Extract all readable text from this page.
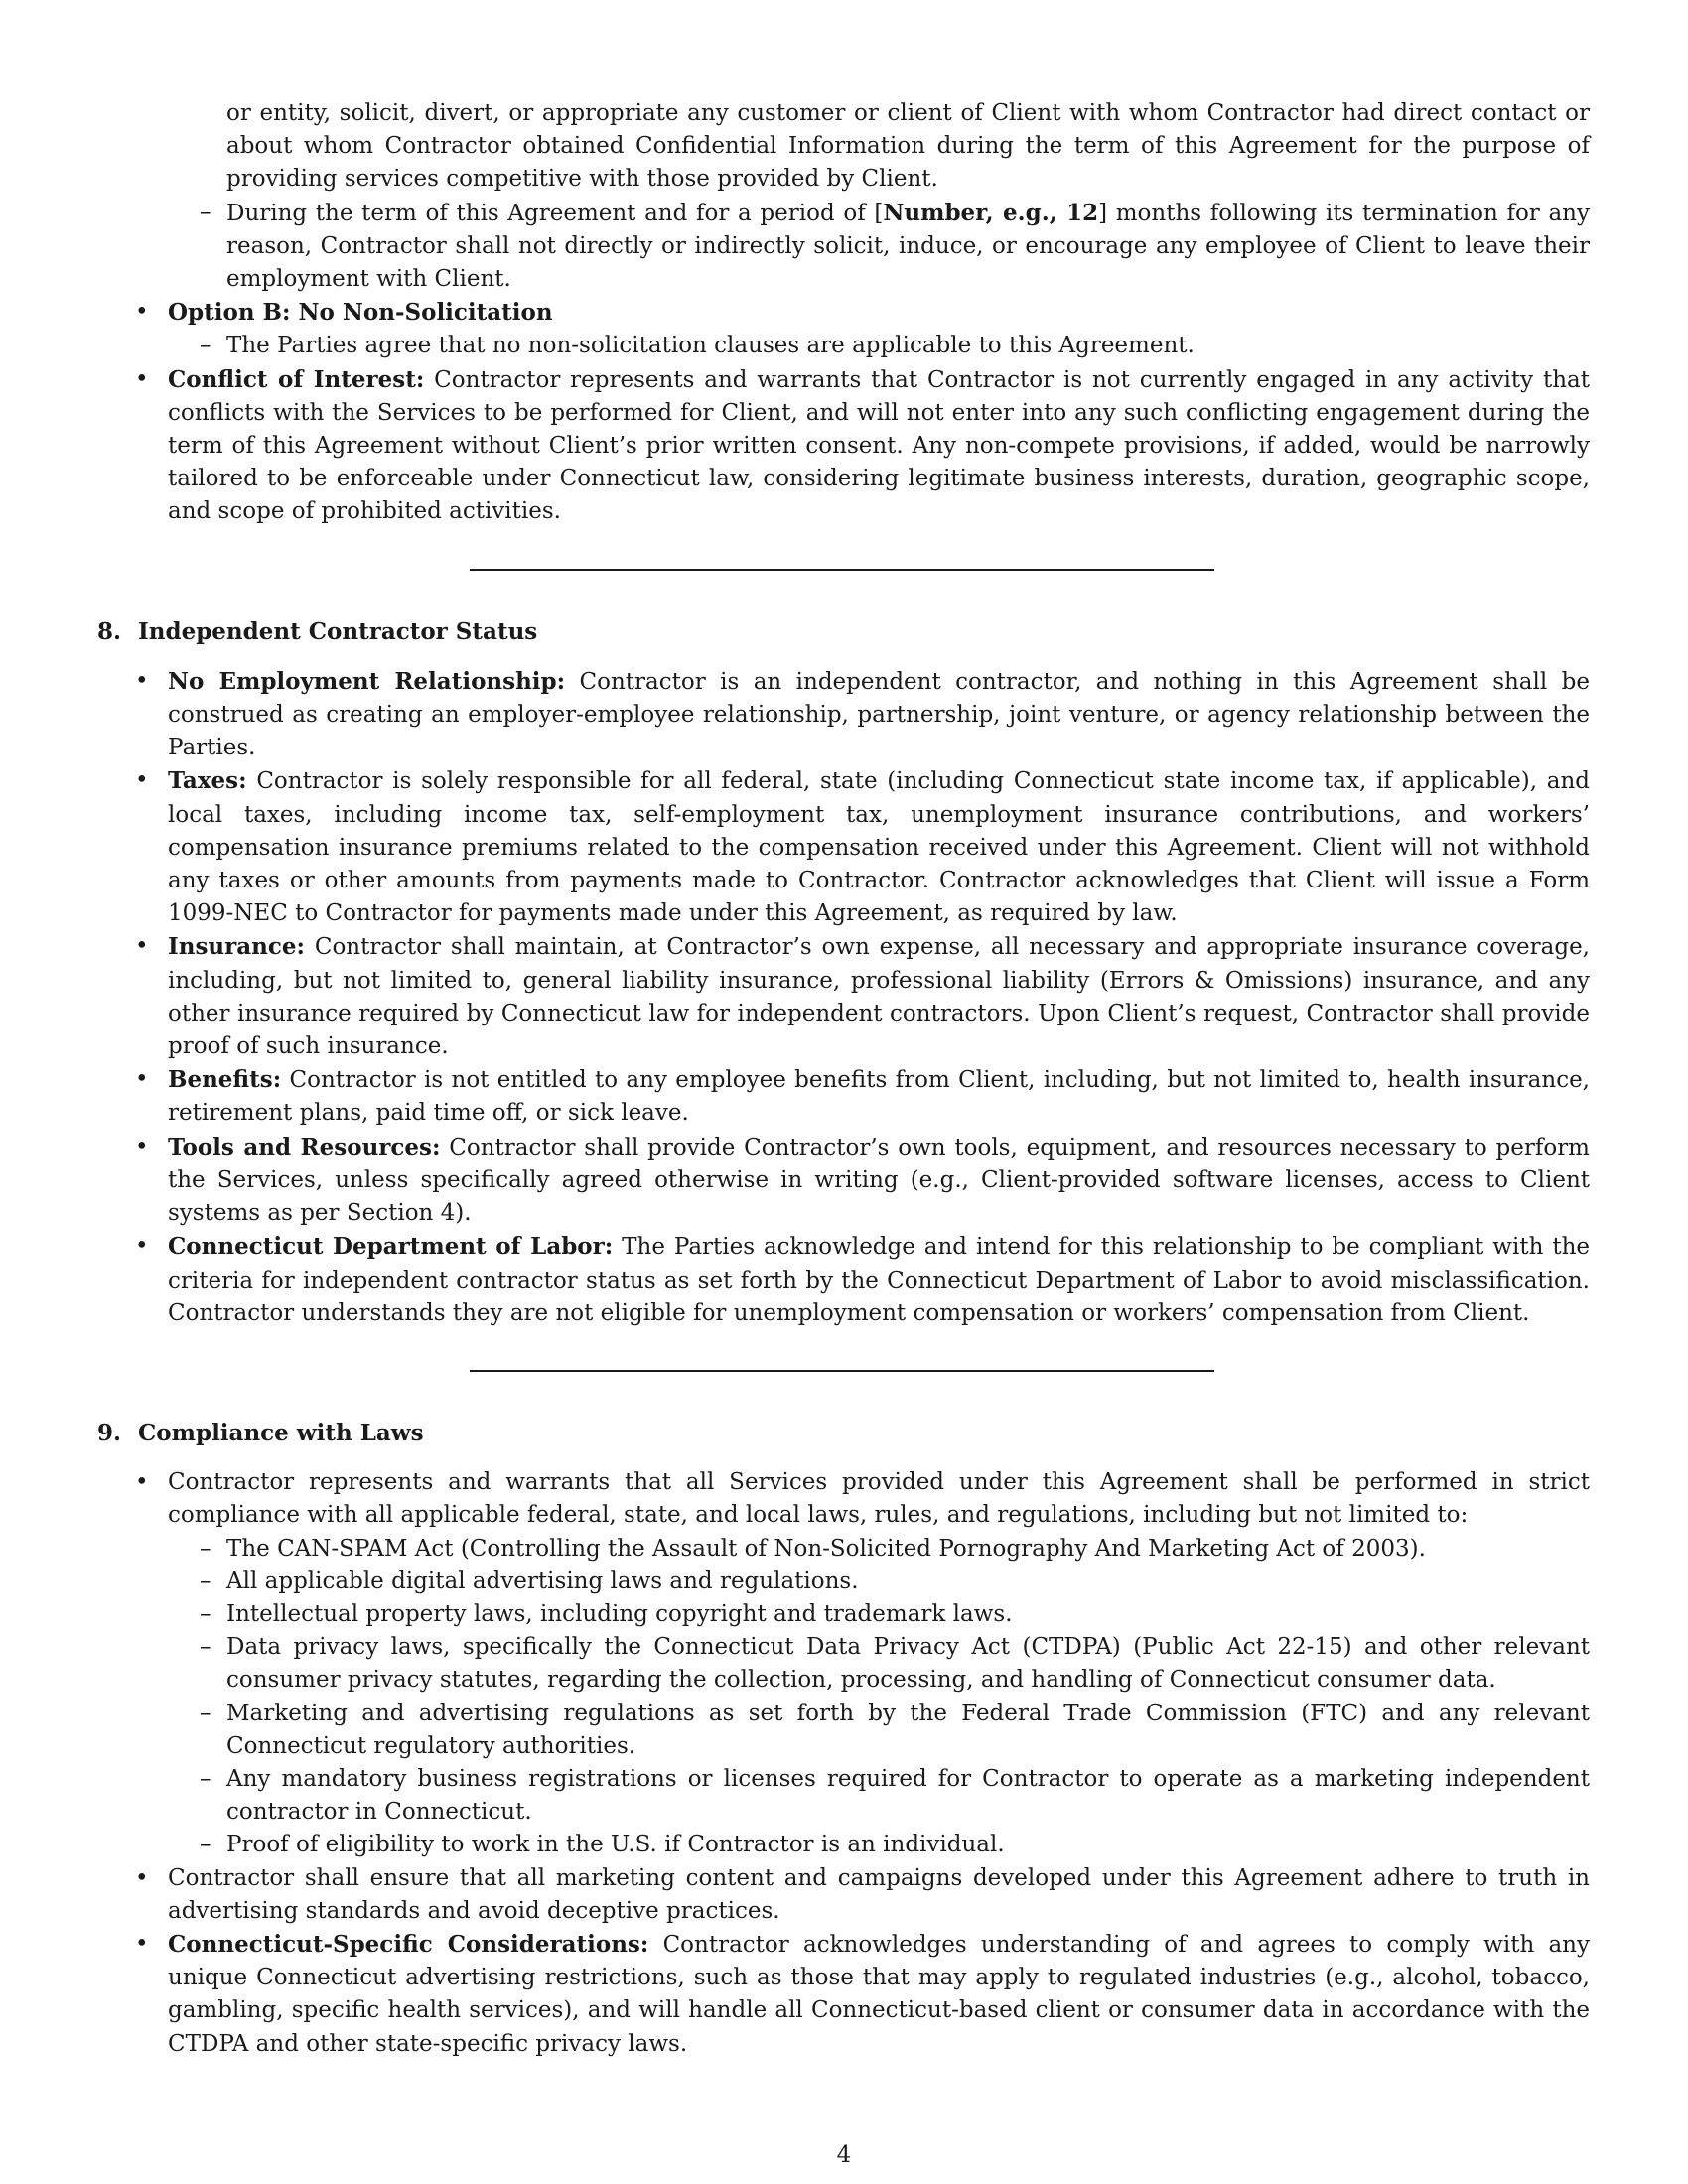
or entity, solicit, divert, or appropriate any customer or client of Client with whom Contractor had direct contact or about whom Contractor obtained Confidential Information during the term of this Agreement for the purpose of providing services competitive with those provided by Client.
– During the term of this Agreement and for a period of [Number, e.g., 12] months following its termination for any reason, Contractor shall not directly or indirectly solicit, induce, or encourage any employee of Client to leave their employment with Client.
• Option B: No Non-Solicitation
– The Parties agree that no non-solicitation clauses are applicable to this Agreement.
• Conflict of Interest: Contractor represents and warrants that Contractor is not currently engaged in any activity that conflicts with the Services to be performed for Client, and will not enter into any such conflicting engagement during the term of this Agreement without Client’s prior written consent. Any non-compete provisions, if added, would be narrowly tailored to be enforceable under Connecticut law, considering legitimate business interests, duration, geographic scope, and scope of prohibited activities.
8. Independent Contractor Status
• No Employment Relationship: Contractor is an independent contractor, and nothing in this Agreement shall be construed as creating an employer-employee relationship, partnership, joint venture, or agency relationship between the Parties.
• Taxes: Contractor is solely responsible for all federal, state (including Connecticut state income tax, if applicable), and local taxes, including income tax, self-employment tax, unemployment insurance contributions, and workers’ compensation insurance premiums related to the compensation received under this Agreement. Client will not withhold any taxes or other amounts from payments made to Contractor. Contractor acknowledges that Client will issue a Form 1099-NEC to Contractor for payments made under this Agreement, as required by law.
• Insurance: Contractor shall maintain, at Contractor’s own expense, all necessary and appropriate insurance coverage, including, but not limited to, general liability insurance, professional liability (Errors & Omissions) insurance, and any other insurance required by Connecticut law for independent contractors. Upon Client’s request, Contractor shall provide proof of such insurance.
• Benefits: Contractor is not entitled to any employee benefits from Client, including, but not limited to, health insurance, retirement plans, paid time off, or sick leave.
• Tools and Resources: Contractor shall provide Contractor’s own tools, equipment, and resources necessary to perform the Services, unless specifically agreed otherwise in writing (e.g., Client-provided software licenses, access to Client systems as per Section 4).
• Connecticut Department of Labor: The Parties acknowledge and intend for this relationship to be compliant with the criteria for independent contractor status as set forth by the Connecticut Department of Labor to avoid misclassification. Contractor understands they are not eligible for unemployment compensation or workers’ compensation from Client.
9. Compliance with Laws
• Contractor represents and warrants that all Services provided under this Agreement shall be performed in strict compliance with all applicable federal, state, and local laws, rules, and regulations, including but not limited to:
– The CAN-SPAM Act (Controlling the Assault of Non-Solicited Pornography And Marketing Act of 2003).
– All applicable digital advertising laws and regulations.
– Intellectual property laws, including copyright and trademark laws.
– Data privacy laws, specifically the Connecticut Data Privacy Act (CTDPA) (Public Act 22-15) and other relevant consumer privacy statutes, regarding the collection, processing, and handling of Connecticut consumer data.
– Marketing and advertising regulations as set forth by the Federal Trade Commission (FTC) and any relevant Connecticut regulatory authorities.
– Any mandatory business registrations or licenses required for Contractor to operate as a marketing independent contractor in Connecticut.
– Proof of eligibility to work in the U.S. if Contractor is an individual.
• Contractor shall ensure that all marketing content and campaigns developed under this Agreement adhere to truth in advertising standards and avoid deceptive practices.
• Connecticut-Specific Considerations: Contractor acknowledges understanding of and agrees to comply with any unique Connecticut advertising restrictions, such as those that may apply to regulated industries (e.g., alcohol, tobacco, gambling, specific health services), and will handle all Connecticut-based client or consumer data in accordance with the CTDPA and other state-specific privacy laws.
4
